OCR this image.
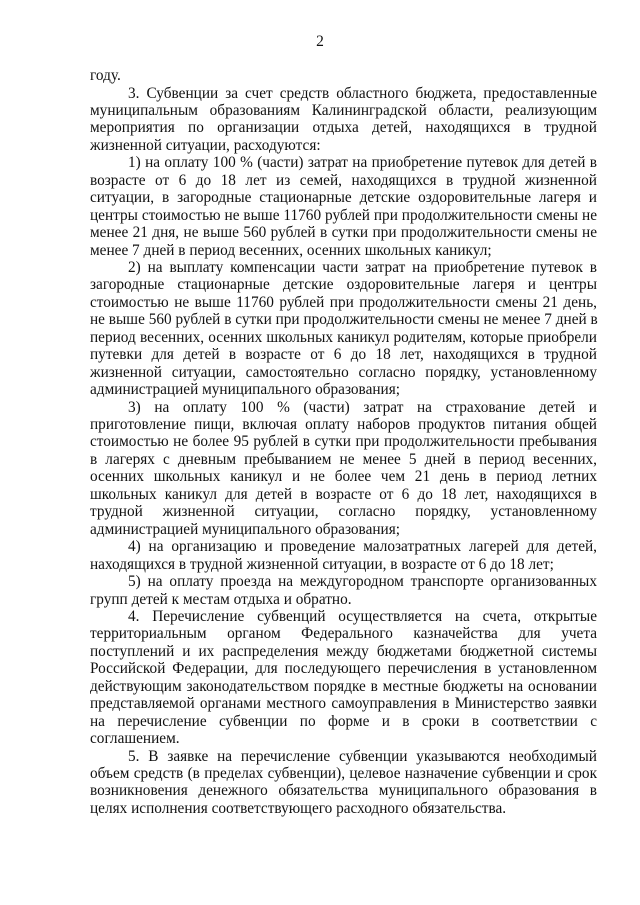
2
году.
3. Субвенции за счет средств областного бюджета, предоставленные
муниципальным образованиям Калининградской области, реализующим
мероприятия по организации отдыха детей, находящихся в трудной
жизненной ситуации, расходуются:
1) на оплату 100 % (части) затрат на приобретение путевок для детей в
возрасте от 6 до 18 лет из семей, находящихся в трудной жизненной
ситуации, в загородные стационарные детские оздоровительные лагеря и
центры стоимостью не выше 11760 рублей при продолжительности смены не
менее 21 дня, не выше 560 рублей в сутки при продолжительности смены не
менее 7 дней в период весенних, осенних школьных каникул;
2) на выплату компенсации части затрат на приобретение путевок в
загородные стационарные детские оздоровительные лагеря и центры
стоимостью не выше 11760 рублей при продолжительности смены 21 день,
не выше 560 рублей в сутки при продолжительности смены не менее 7 дней в
период весенних, осенних школьных каникул родителям, которые приобрели
путевки для детей в возрасте от 6 до 18 лет, находящихся в трудной
жизненной ситуации, самостоятельно согласно порядку, установленному
администрацией муниципального образования;
3) на оплату 100 % (части) затрат на страхование детей и
приготовление пищи, включая оплату наборов продуктов питания общей
стоимостью не более 95 рублей в сутки при продолжительности пребывания
в лагерях с дневным пребыванием не менее 5 дней в период весенних,
осенних школьных каникул и не более чем 21 день в период летних
школьных каникул для детей в возрасте от 6 до 18 лет, находящихся в
трудной жизненной ситуации, согласно порядку, установленному
администрацией муниципального образования;
4) на организацию и проведение малозатратных лагерей для детей,
находящихся в трудной жизненной ситуации, в возрасте от 6 до 18 лет;
5) на оплату проезда на междугородном транспорте организованных
групп детей к местам отдыха и обратно.
4. Перечисление субвенций осуществляется на счета, открытые
территориальным органом Федерального казначейства для учета
поступлений и их распределения между бюджетами бюджетной системы
Российской Федерации, для последующего перечисления в установленном
действующим законодательством порядке в местные бюджеты на основании
представляемой органами местного самоуправления в Министерство заявки
на перечисление субвенции по форме и в сроки в соответствии с
соглашением.
5. В заявке на перечисление субвенции указываются необходимый
объем средств (в пределах субвенции), целевое назначение субвенции и срок
возникновения денежного обязательства муниципального образования в
целях исполнения соответствующего расходного обязательства.
